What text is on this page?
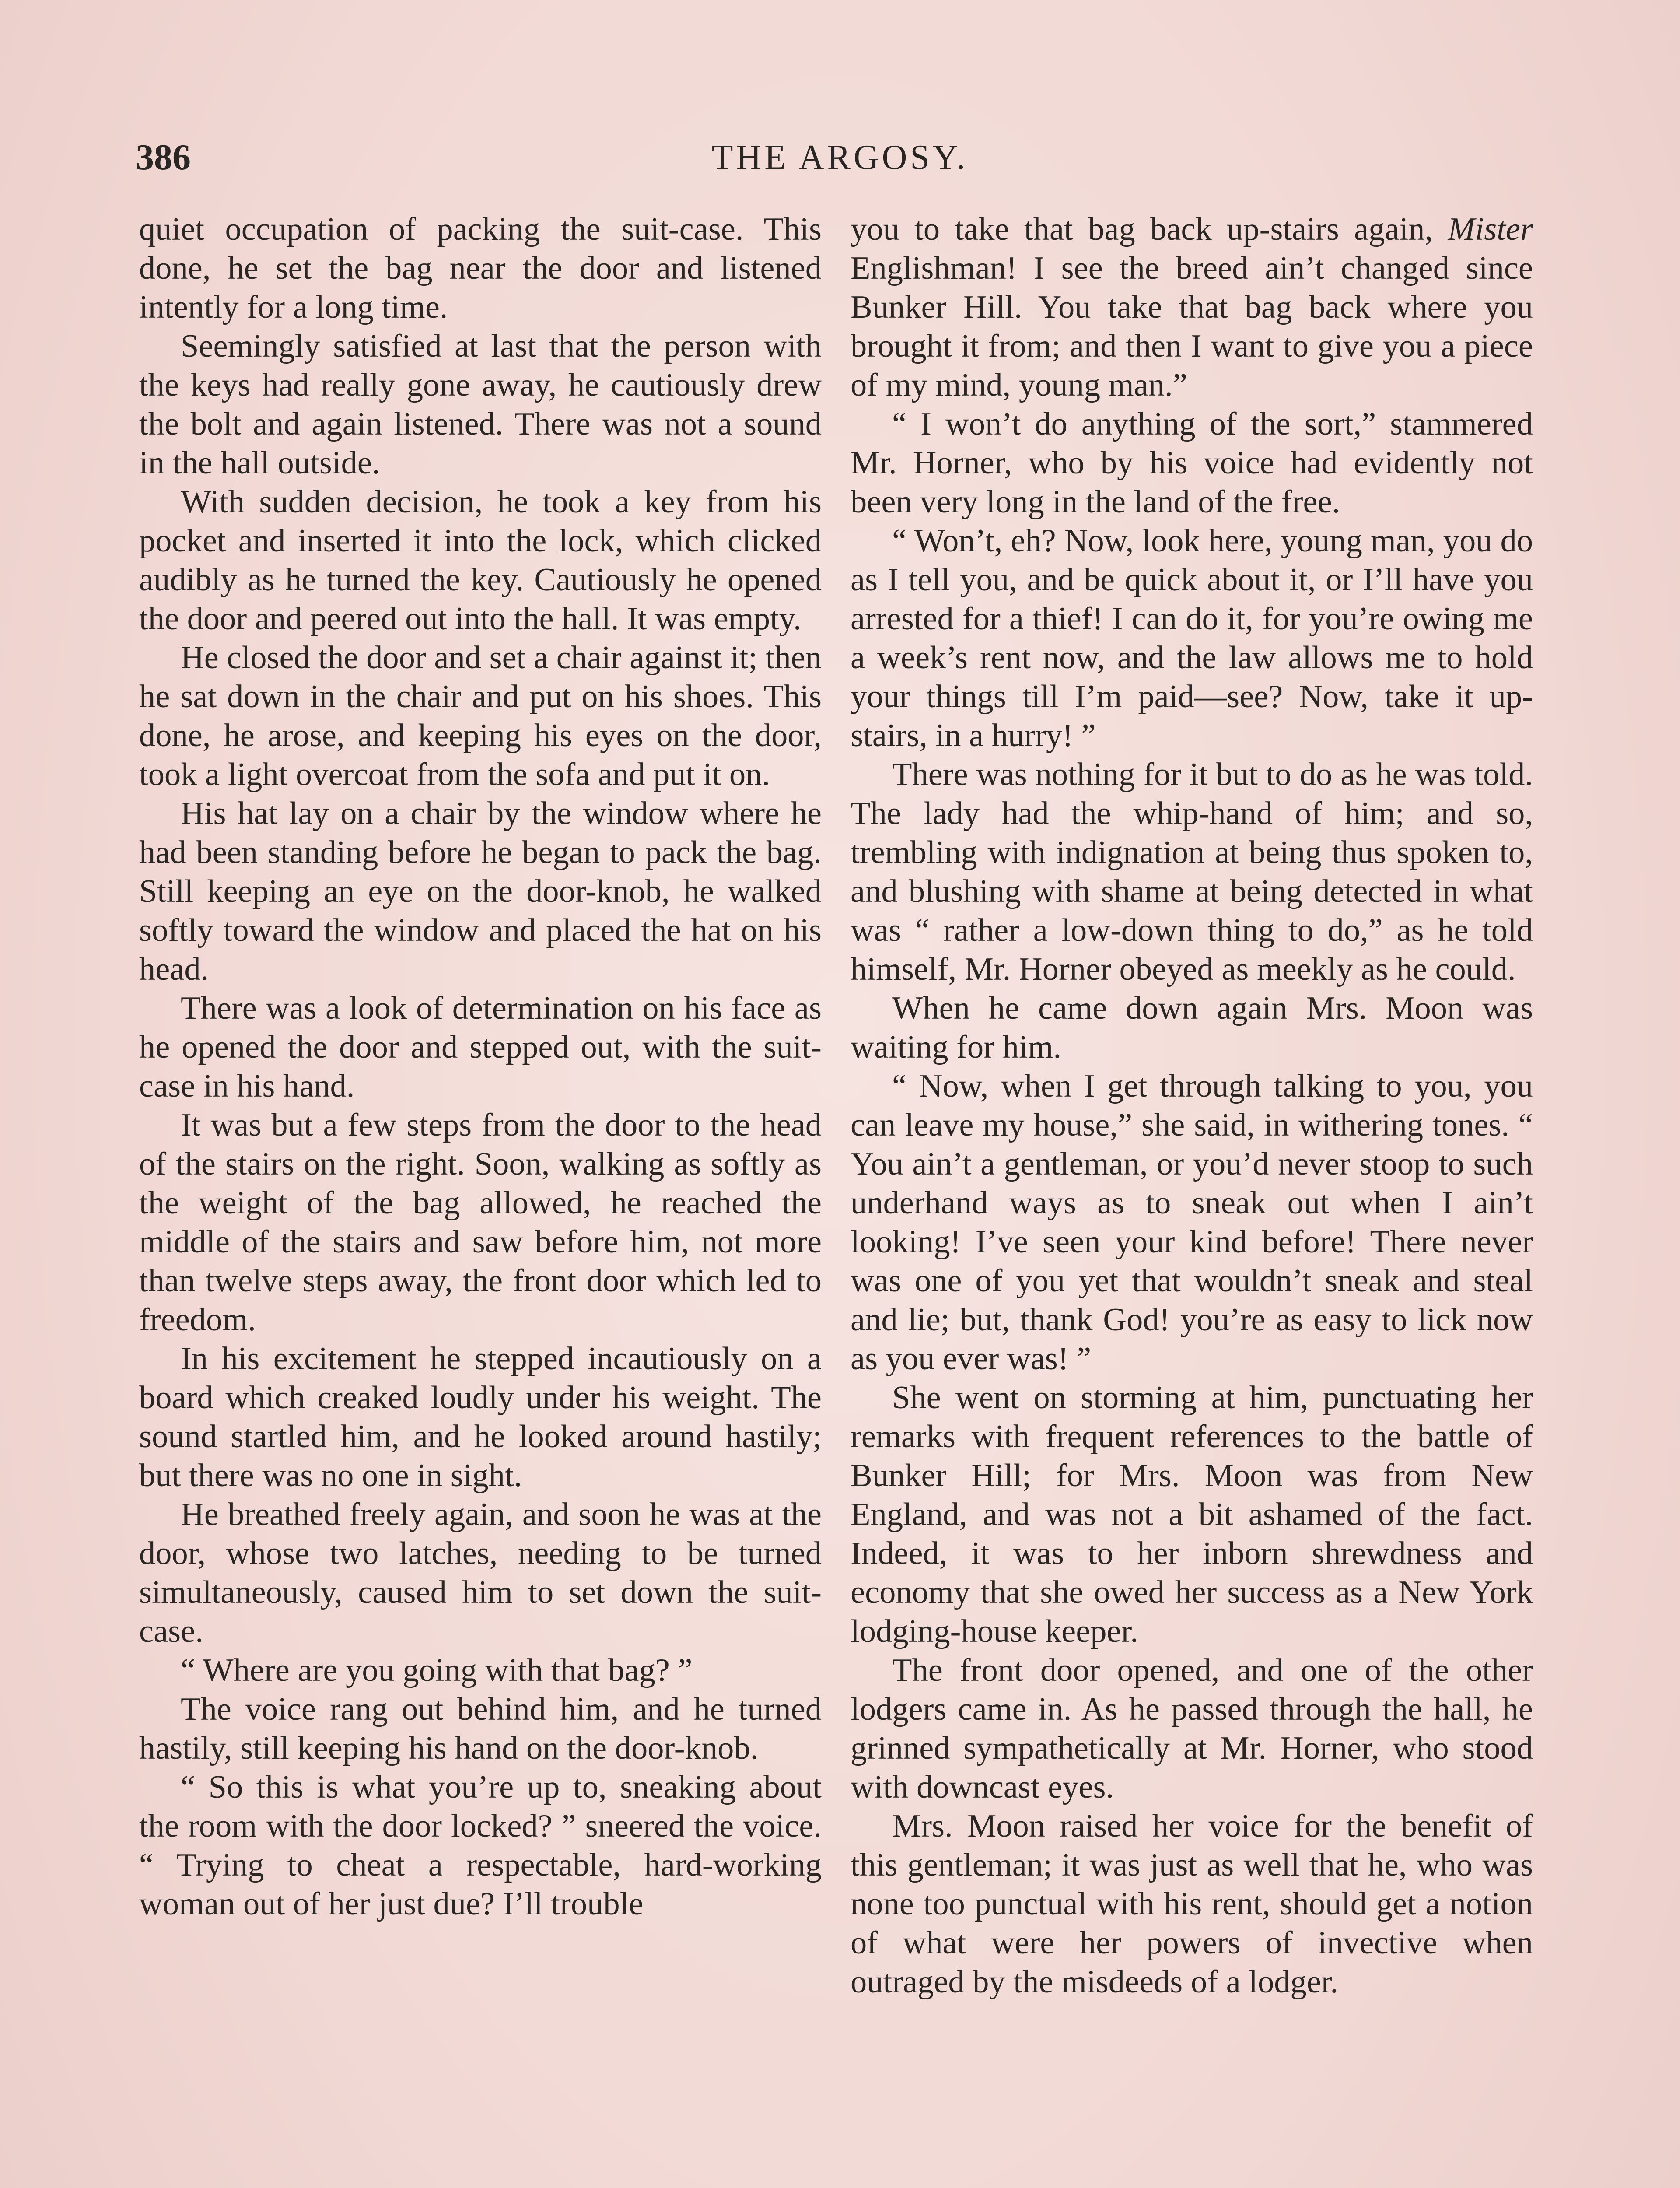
386	THE ARGOSY.

quiet occupation of packing the suit-case. This done, he set the bag near the door and listened intently for a long time.

Seemingly satisfied at last that the person with the keys had really gone away, he cautiously drew the bolt and again listened. There was not a sound in the hall outside.

With sudden decision, he took a key from his pocket and inserted it into the lock, which clicked audibly as he turned the key. Cautiously he opened the door and peered out into the hall. It was empty.

He closed the door and set a chair against it; then he sat down in the chair and put on his shoes. This done, he arose, and keeping his eyes on the door, took a light overcoat from the sofa and put it on.

His hat lay on a chair by the window where he had been standing before he began to pack the bag. Still keeping an eye on the door-knob, he walked softly toward the window and placed the hat on his head.

There was a look of determination on his face as he opened the door and stepped out, with the suit-case in his hand.

It was but a few steps from the door to the head of the stairs on the right. Soon, walking as softly as the weight of the bag allowed, he reached the middle of the stairs and saw before him, not more than twelve steps away, the front door which led to freedom.

In his excitement he stepped incautiously on a board which creaked loudly under his weight. The sound startled him, and he looked around hastily; but there was no one in sight.

He breathed freely again, and soon he was at the door, whose two latches, needing to be turned simultaneously, caused him to set down the suit-case.

“ Where are you going with that bag? ”

The voice rang out behind him, and he turned hastily, still keeping his hand on the door-knob.

“ So this is what you’re up to, sneaking about the room with the door locked? ” sneered the voice. “ Trying to cheat a respectable, hard-working woman out of her just due? I’ll trouble

you to take that bag back up-stairs again, Mister Englishman! I see the breed ain’t changed since Bunker Hill. You take that bag back where you brought it from; and then I want to give you a piece of my mind, young man.”

“ I won’t do anything of the sort,” stammered Mr. Horner, who by his voice had evidently not been very long in the land of the free.

“ Won’t, eh? Now, look here, young man, you do as I tell you, and be quick about it, or I’ll have you arrested for a thief! I can do it, for you’re owing me a week’s rent now, and the law allows me to hold your things till I’m paid—see? Now, take it up-stairs, in a hurry! ”

There was nothing for it but to do as he was told. The lady had the whip-hand of him; and so, trembling with indignation at being thus spoken to, and blushing with shame at being detected in what was “ rather a low-down thing to do,” as he told himself, Mr. Horner obeyed as meekly as he could.

When he came down again Mrs. Moon was waiting for him.

“ Now, when I get through talking to you, you can leave my house,” she said, in withering tones. “ You ain’t a gentleman, or you’d never stoop to such underhand ways as to sneak out when I ain’t looking! I’ve seen your kind before! There never was one of you yet that wouldn’t sneak and steal and lie; but, thank God! you’re as easy to lick now as you ever was! ”

She went on storming at him, punctuating her remarks with frequent references to the battle of Bunker Hill; for Mrs. Moon was from New England, and was not a bit ashamed of the fact. Indeed, it was to her inborn shrewdness and economy that she owed her success as a New York lodging-house keeper.

The front door opened, and one of the other lodgers came in. As he passed through the hall, he grinned sympathetically at Mr. Horner, who stood with downcast eyes.

Mrs. Moon raised her voice for the benefit of this gentleman; it was just as well that he, who was none too punctual with his rent, should get a notion of what were her powers of invective when outraged by the misdeeds of a lodger.
